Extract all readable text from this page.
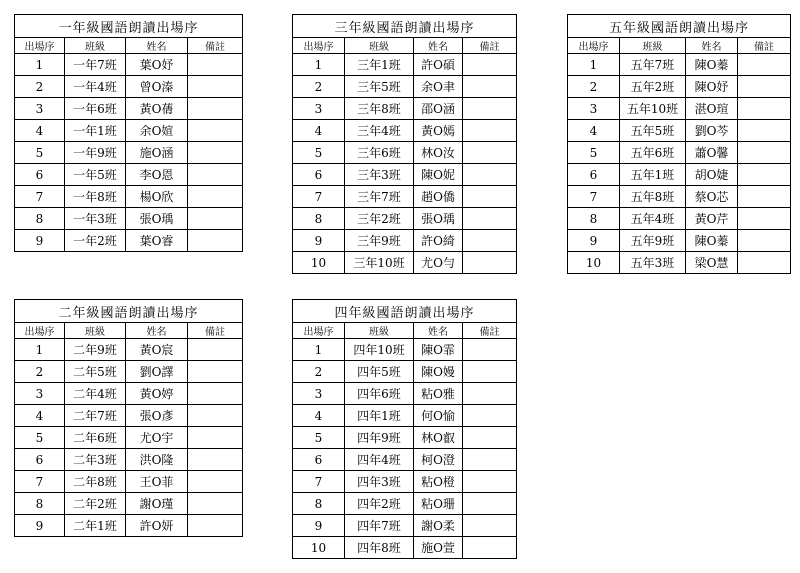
一年級國語朗讀出場序			
出場序	班級	姓名	備註
1	一年7班	葉O妤	
2	一年4班	曾O溱	
3	一年6班	黃O蒨	
4	一年1班	余O媗	
5	一年9班	施O涵	
6	一年5班	李O恩	
7	一年8班	楊O欣	
8	一年3班	張O瑀	
9	一年2班	葉O睿	
三年級國語朗讀出場序			
出場序	班級	姓名	備註
1	三年1班	許O碩	
2	三年5班	余O聿	
3	三年8班	邵O涵	
4	三年4班	黃O嫣	
5	三年6班	林O汝	
6	三年3班	陳O妮	
7	三年7班	趙O僑	
8	三年2班	張O瑀	
9	三年9班	許O綺	
10	三年10班	尤O勻	
五年級國語朗讀出場序			
出場序	班級	姓名	備註
1	五年7班	陳O蓁	
2	五年2班	陳O妤	
3	五年10班	湛O瑄	
4	五年5班	劉O芩	
5	五年6班	蕭O馨	
6	五年1班	胡O婕	
7	五年8班	蔡O芯	
8	五年4班	黃O芹	
9	五年9班	陳O蓁	
10	五年3班	梁O慧	
二年級國語朗讀出場序			
出場序	班級	姓名	備註
1	二年9班	黃O宸	
2	二年5班	劉O譯	
3	二年4班	黃O婷	
4	二年7班	張O彥	
5	二年6班	尤O宇	
6	二年3班	洪O隆	
7	二年8班	王O菲	
8	二年2班	謝O瑾	
9	二年1班	許O妍	
四年級國語朗讀出場序			
出場序	班級	姓名	備註
1	四年10班	陳O霏	
2	四年5班	陳O嫚	
3	四年6班	粘O雅	
4	四年1班	何O愉	
5	四年9班	林O叡	
6	四年4班	柯O澄	
7	四年3班	粘O橙	
8	四年2班	粘O珊	
9	四年7班	謝O柔	
10	四年8班	施O萱	
